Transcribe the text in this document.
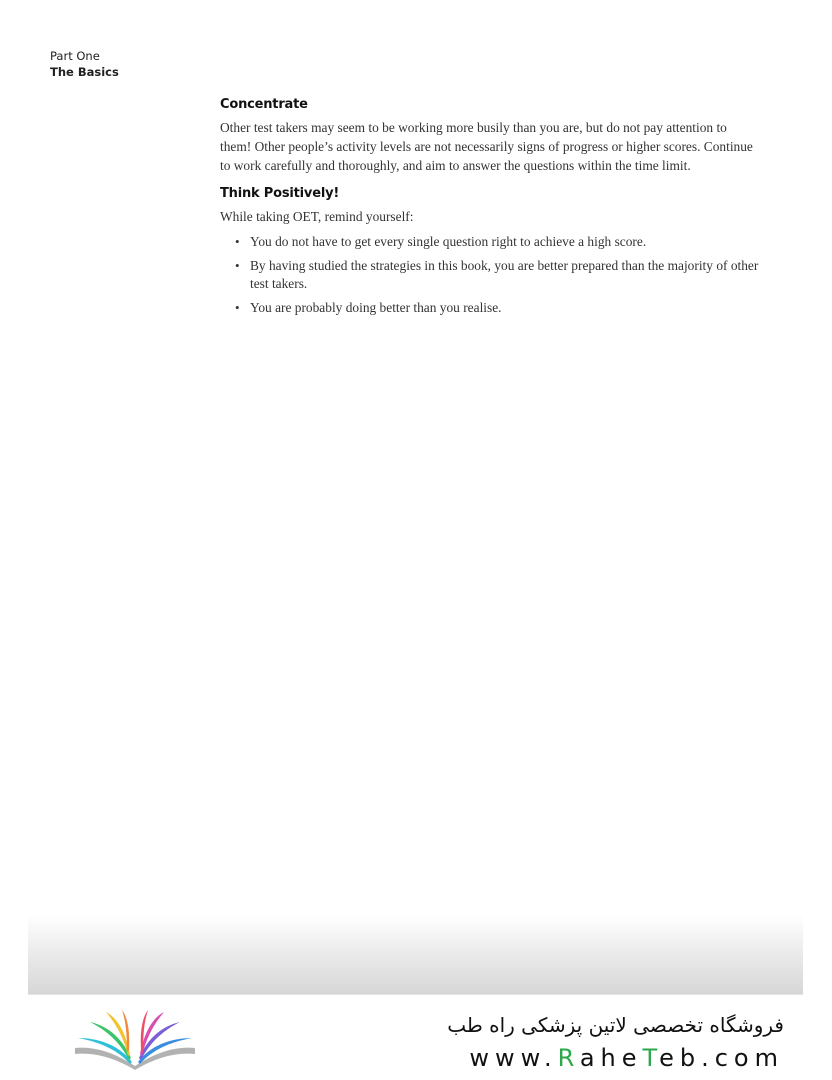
Part One
The Basics
Concentrate

Other test takers may seem to be working more busily than you are, but do not pay attention to them! Other people’s activity levels are not necessarily signs of progress or higher scores. Continue to work carefully and thoroughly, and aim to answer the questions within the time limit.

Think Positively!

While taking OET, remind yourself:

• You do not have to get every single question right to achieve a high score.
• By having studied the strategies in this book, you are better prepared than the majority of other test takers.
• You are probably doing better than you realise.
فروشگاه تخصصی لاتین پزشکی راه طب
www.RaheTeb.com
